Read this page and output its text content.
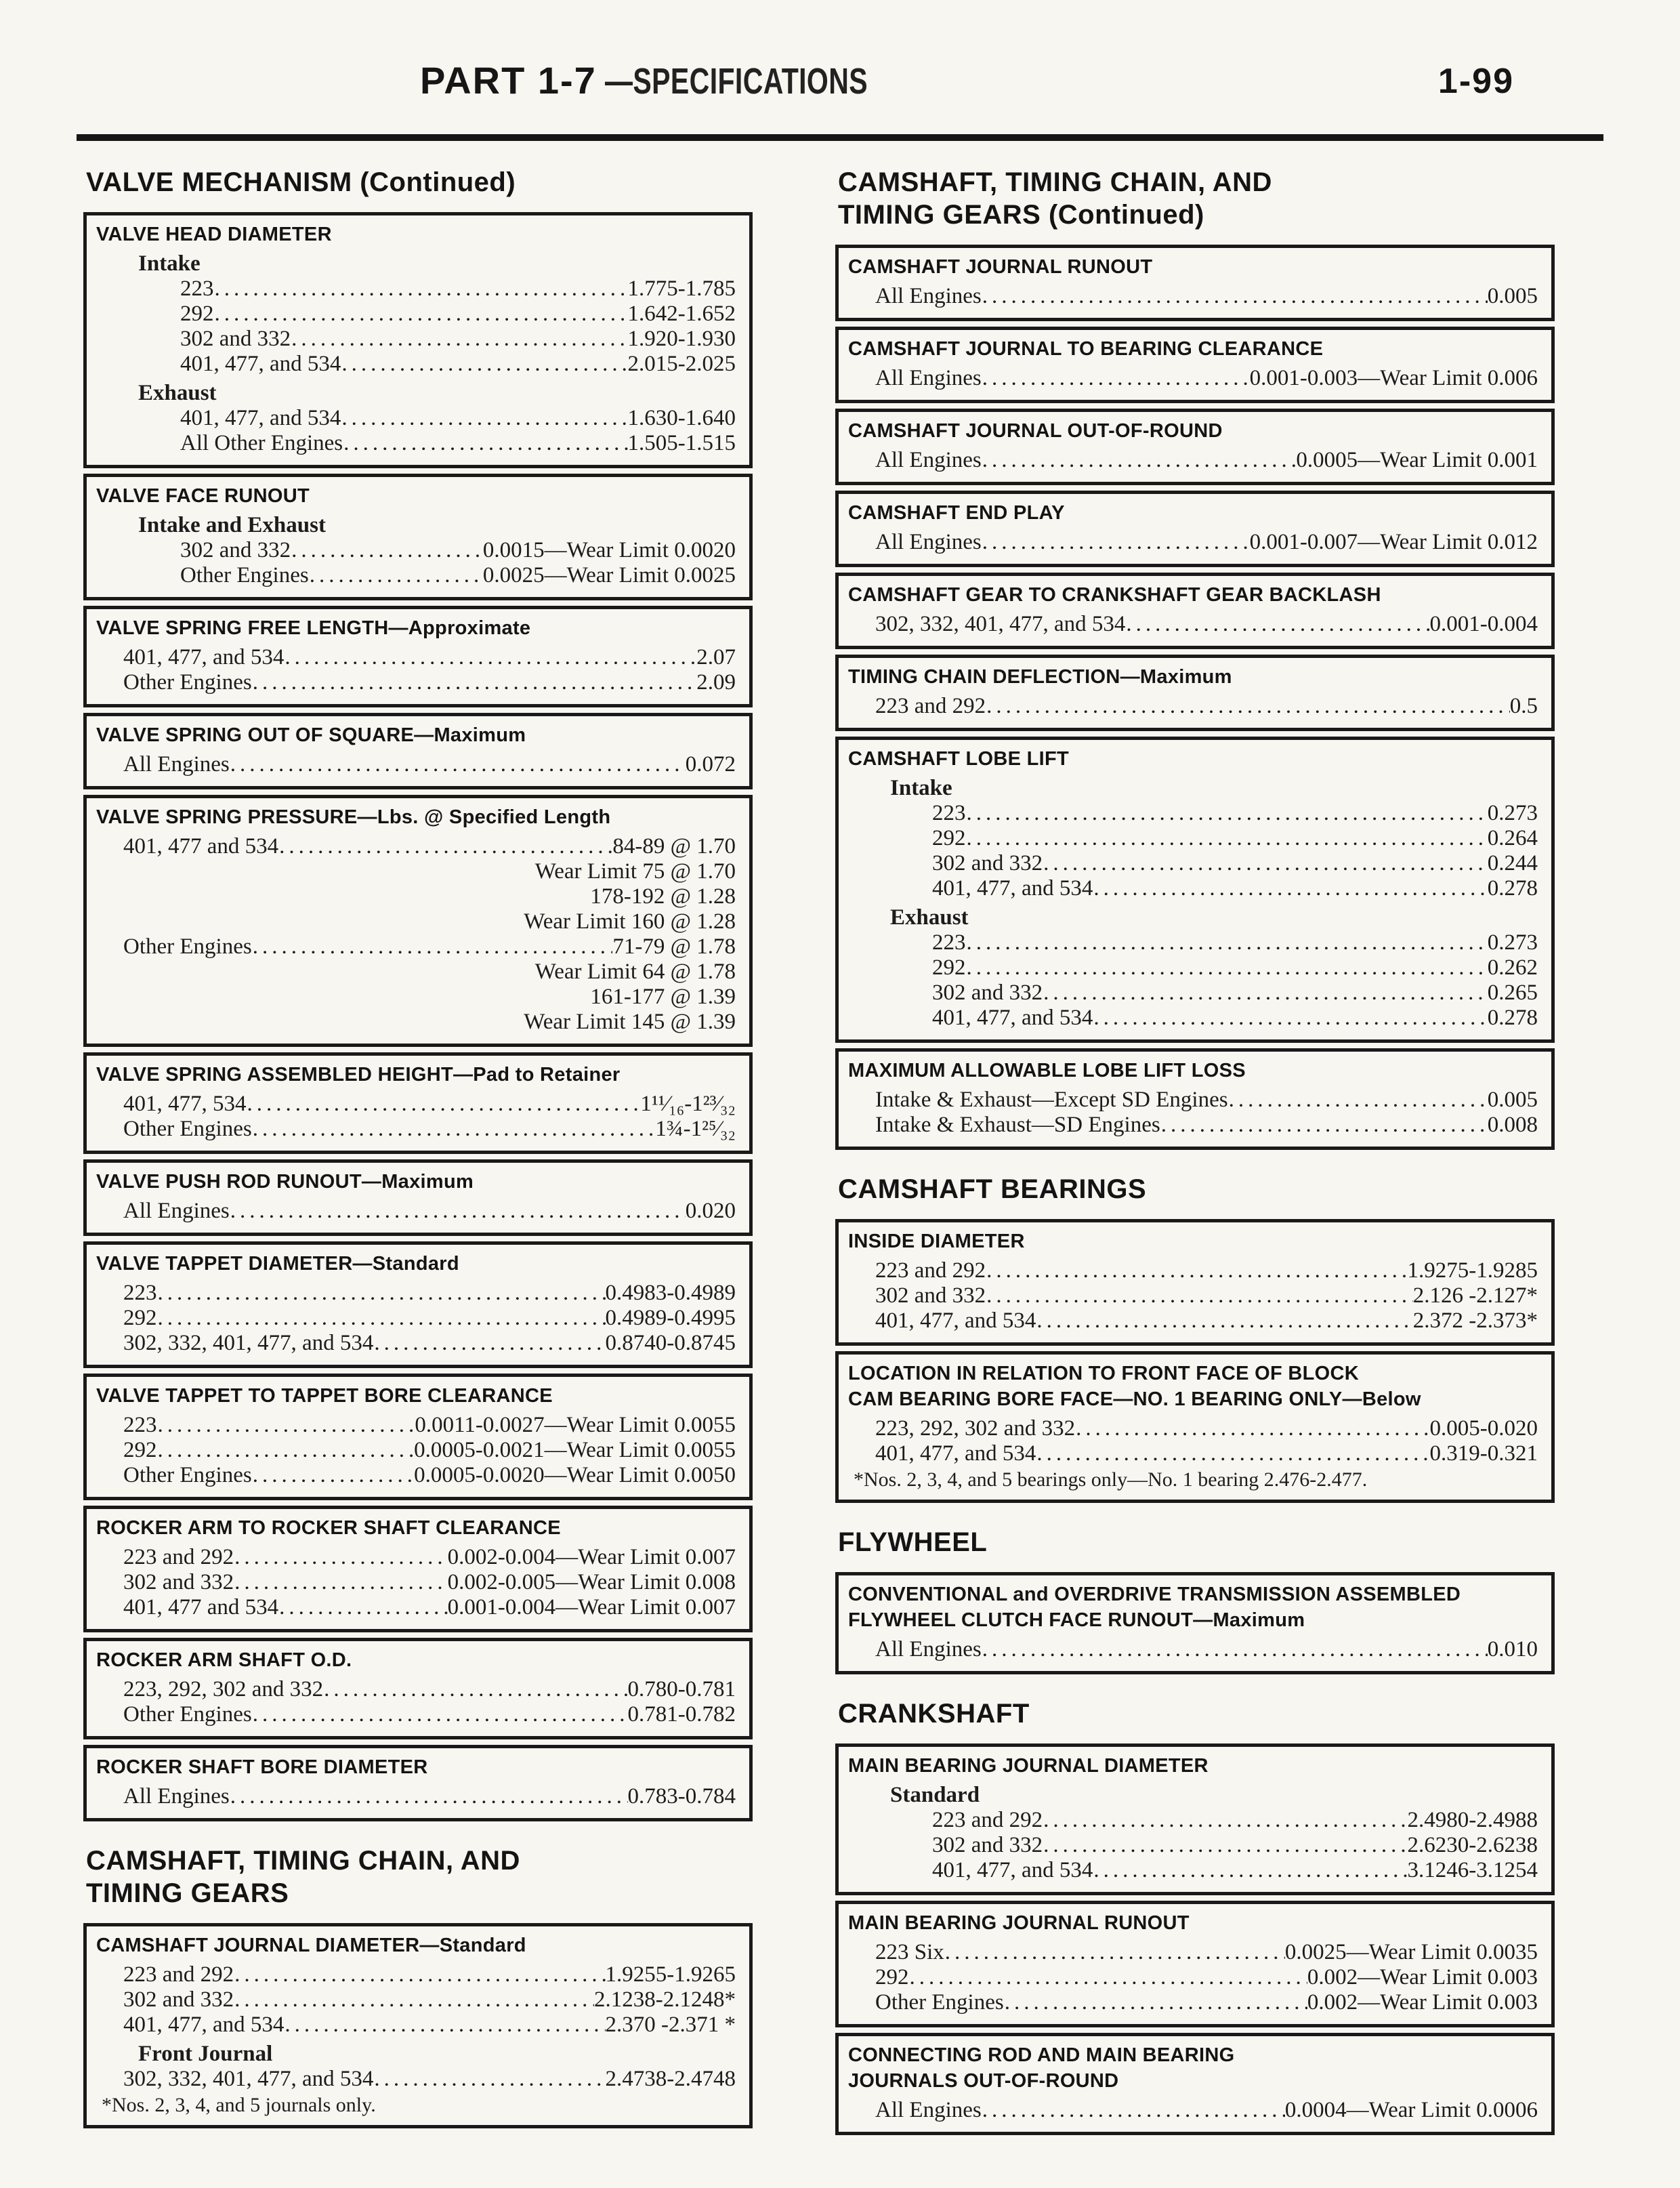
PART 1-7 —SPECIFICATIONS	1-99
VALVE MECHANISM (Continued)
VALVE HEAD DIAMETER
Intake
223 .....	1.775-1.785
292 .....	1.642-1.652
302 and 332 .....	1.920-1.930
401, 477, and 534 .....	2.015-2.025
Exhaust
401, 477, and 534 .....	1.630-1.640
All Other Engines .....	1.505-1.515
VALVE FACE RUNOUT
Intake and Exhaust
302 and 332 .....	0.0015—Wear Limit 0.0020
Other Engines .....	0.0025—Wear Limit 0.0025
VALVE SPRING FREE LENGTH—Approximate
401, 477, and 534 .....	2.07
Other Engines .....	2.09
VALVE SPRING OUT OF SQUARE—Maximum
All Engines .....	0.072
VALVE SPRING PRESSURE—Lbs. @ Specified Length
401, 477 and 534 .....	84-89 @ 1.70
Wear Limit 75 @ 1.70
178-192 @ 1.28
Wear Limit 160 @ 1.28
Other Engines .....	71-79 @ 1.78
Wear Limit 64 @ 1.78
161-177 @ 1.39
Wear Limit 145 @ 1.39
VALVE SPRING ASSEMBLED HEIGHT—Pad to Retainer
401, 477, 534 .....	1¹¹⁄₁₆-1²³⁄₃₂
Other Engines .....	1¾-1²⁵⁄₃₂
VALVE PUSH ROD RUNOUT—Maximum
All Engines .....	0.020
VALVE TAPPET DIAMETER—Standard
223 .....	0.4983-0.4989
292 .....	0.4989-0.4995
302, 332, 401, 477, and 534 .....	0.8740-0.8745
VALVE TAPPET TO TAPPET BORE CLEARANCE
223 .....	0.0011-0.0027—Wear Limit 0.0055
292 .....	0.0005-0.0021—Wear Limit 0.0055
Other Engines .....	0.0005-0.0020—Wear Limit 0.0050
ROCKER ARM TO ROCKER SHAFT CLEARANCE
223 and 292 .....	0.002-0.004—Wear Limit 0.007
302 and 332 .....	0.002-0.005—Wear Limit 0.008
401, 477 and 534 .....	0.001-0.004—Wear Limit 0.007
ROCKER ARM SHAFT O.D.
223, 292, 302 and 332 .....	0.780-0.781
Other Engines .....	0.781-0.782
ROCKER SHAFT BORE DIAMETER
All Engines .....	0.783-0.784
CAMSHAFT, TIMING CHAIN, AND
TIMING GEARS
CAMSHAFT JOURNAL DIAMETER—Standard
223 and 292 .....	1.9255-1.9265
302 and 332 .....	2.1238-2.1248*
401, 477, and 534 .....	2.370 -2.371 *
Front Journal
302, 332, 401, 477, and 534 .....	2.4738-2.4748
*Nos. 2, 3, 4, and 5 journals only.
CAMSHAFT, TIMING CHAIN, AND
TIMING GEARS (Continued)
CAMSHAFT JOURNAL RUNOUT
All Engines .....	0.005
CAMSHAFT JOURNAL TO BEARING CLEARANCE
All Engines .....	0.001-0.003—Wear Limit 0.006
CAMSHAFT JOURNAL OUT-OF-ROUND
All Engines .....	0.0005—Wear Limit 0.001
CAMSHAFT END PLAY
All Engines .....	0.001-0.007—Wear Limit 0.012
CAMSHAFT GEAR TO CRANKSHAFT GEAR BACKLASH
302, 332, 401, 477, and 534 .....	0.001-0.004
TIMING CHAIN DEFLECTION—Maximum
223 and 292 .....	0.5
CAMSHAFT LOBE LIFT
Intake
223 .....	0.273
292 .....	0.264
302 and 332 .....	0.244
401, 477, and 534 .....	0.278
Exhaust
223 .....	0.273
292 .....	0.262
302 and 332 .....	0.265
401, 477, and 534 .....	0.278
MAXIMUM ALLOWABLE LOBE LIFT LOSS
Intake & Exhaust—Except SD Engines .....	0.005
Intake & Exhaust—SD Engines .....	0.008
CAMSHAFT BEARINGS
INSIDE DIAMETER
223 and 292 .....	1.9275-1.9285
302 and 332 .....	2.126 -2.127*
401, 477, and 534 .....	2.372 -2.373*
LOCATION IN RELATION TO FRONT FACE OF BLOCK
CAM BEARING BORE FACE—NO. 1 BEARING ONLY—Below
223, 292, 302 and 332 .....	0.005-0.020
401, 477, and 534 .....	0.319-0.321
*Nos. 2, 3, 4, and 5 bearings only—No. 1 bearing 2.476-2.477.
FLYWHEEL
CONVENTIONAL and OVERDRIVE TRANSMISSION ASSEMBLED
FLYWHEEL CLUTCH FACE RUNOUT—Maximum
All Engines .....	0.010
CRANKSHAFT
MAIN BEARING JOURNAL DIAMETER
Standard
223 and 292 .....	2.4980-2.4988
302 and 332 .....	2.6230-2.6238
401, 477, and 534 .....	3.1246-3.1254
MAIN BEARING JOURNAL RUNOUT
223 Six .....	0.0025—Wear Limit 0.0035
292 .....	0.002—Wear Limit 0.003
Other Engines .....	0.002—Wear Limit 0.003
CONNECTING ROD AND MAIN BEARING
JOURNALS OUT-OF-ROUND
All Engines .....	0.0004—Wear Limit 0.0006
